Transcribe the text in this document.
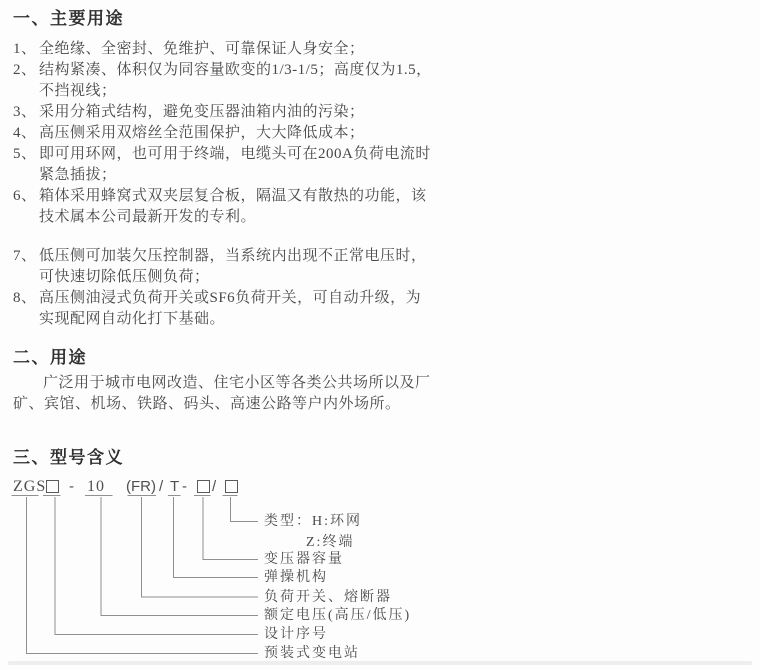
一、主要用途
1、 全绝缘、全密封、免维护、可靠保证人身安全；
2、 结构紧凑、体积仅为同容量欧变的1/3-1/5；高度仅为1.5，
不挡视线；
3、 采用分箱式结构，避免变压器油箱内油的污染；
4、 高压侧采用双熔丝全范围保护，大大降低成本；
5、 即可用环网，也可用于终端，电缆头可在200A负荷电流时
紧急插拔；
6、 箱体采用蜂窝式双夹层复合板，隔温又有散热的功能，该
技术属本公司最新开发的专利。
7、 低压侧可加装欠压控制器，当系统内出现不正常电压时，
可快速切除低压侧负荷；
8、 高压侧油浸式负荷开关或SF6负荷开关，可自动升级，为
实现配网自动化打下基础。
二、用途
广泛用于城市电网改造、住宅小区等各类公共场所以及厂
矿、宾馆、机场、铁路、码头、高速公路等户内外场所。
三、型号含义
ZGS - 10 (FR) / T - /
类型：H:环网
Z:终端
变压器容量
弹操机构
负荷开关、熔断器
额定电压(高压/低压)
预装式变电站
设计序号
